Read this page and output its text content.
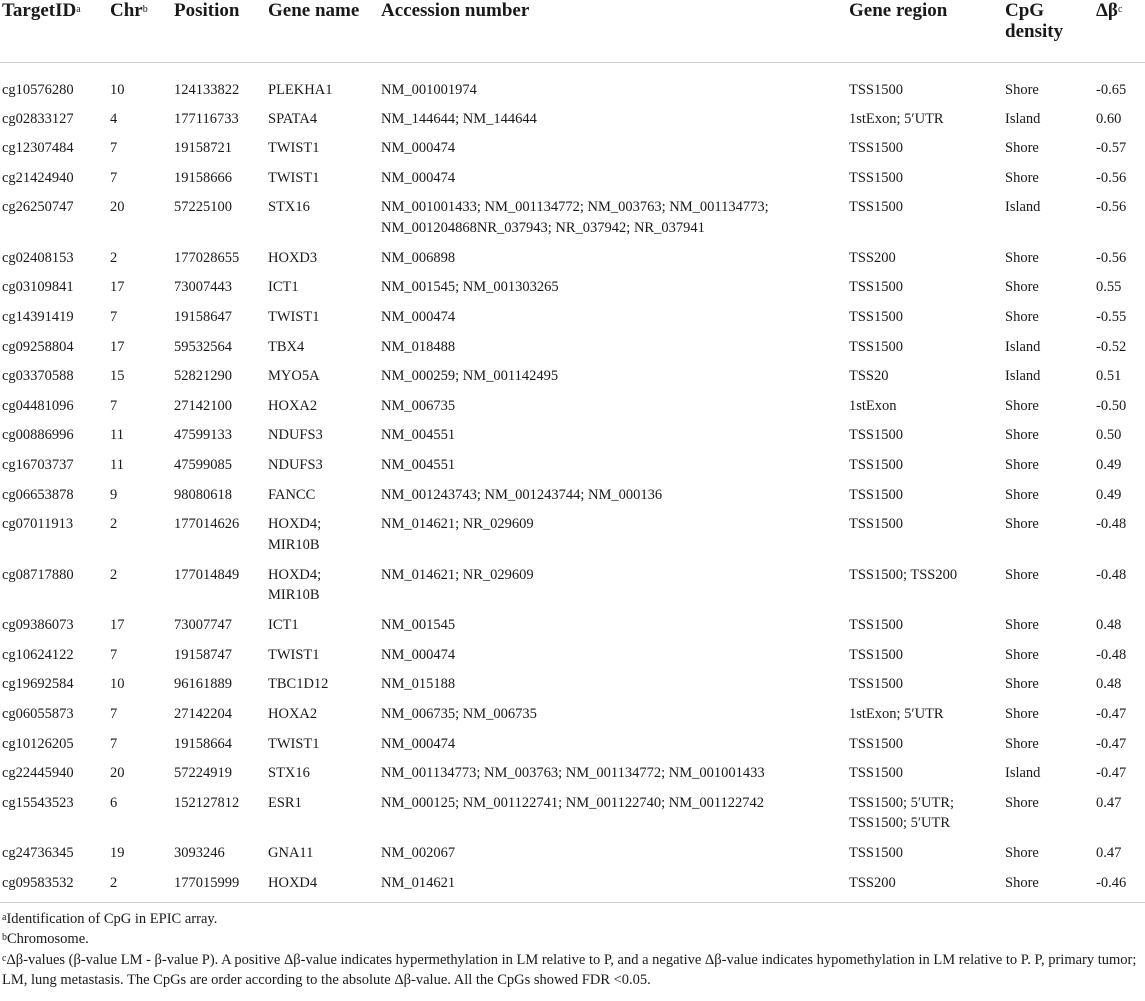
TargetID$^a$	Chr$^b$	Position	Gene name	Accession number	Gene region	CpG density	$\Delta\beta^c$
cg10576280	10	124133822	PLEKHA1	NM_001001974	TSS1500	Shore	-0.65
cg02833127	4	177116733	SPATA4	NM_144644; NM_144644	1stExon; 5′UTR	Island	0.60
cg12307484	7	19158721	TWIST1	NM_000474	TSS1500	Shore	-0.57
cg21424940	7	19158666	TWIST1	NM_000474	TSS1500	Shore	-0.56
cg26250747	20	57225100	STX16	NM_001001433; NM_001134772; NM_003763; NM_001134773;
NM_001204868NR_037943; NR_037942; NR_037941	TSS1500	Island	-0.56
cg02408153	2	177028655	HOXD3	NM_006898	TSS200	Shore	-0.56
cg03109841	17	73007443	ICT1	NM_001545; NM_001303265	TSS1500	Shore	0.55
cg14391419	7	19158647	TWIST1	NM_000474	TSS1500	Shore	-0.55
cg09258804	17	59532564	TBX4	NM_018488	TSS1500	Island	-0.52
cg03370588	15	52821290	MYO5A	NM_000259; NM_001142495	TSS20	Island	0.51
cg04481096	7	27142100	HOXA2	NM_006735	1stExon	Shore	-0.50
cg00886996	11	47599133	NDUFS3	NM_004551	TSS1500	Shore	0.50
cg16703737	11	47599085	NDUFS3	NM_004551	TSS1500	Shore	0.49
cg06653878	9	98080618	FANCC	NM_001243743; NM_001243744; NM_000136	TSS1500	Shore	0.49
cg07011913	2	177014626	HOXD4;
MIR10B	NM_014621; NR_029609	TSS1500	Shore	-0.48
cg08717880	2	177014849	HOXD4;
MIR10B	NM_014621; NR_029609	TSS1500; TSS200	Shore	-0.48
cg09386073	17	73007747	ICT1	NM_001545	TSS1500	Shore	0.48
cg10624122	7	19158747	TWIST1	NM_000474	TSS1500	Shore	-0.48
cg19692584	10	96161889	TBC1D12	NM_015188	TSS1500	Shore	0.48
cg06055873	7	27142204	HOXA2	NM_006735; NM_006735	1stExon; 5′UTR	Shore	-0.47
cg10126205	7	19158664	TWIST1	NM_000474	TSS1500	Shore	-0.47
cg22445940	20	57224919	STX16	NM_001134773; NM_003763; NM_001134772; NM_001001433	TSS1500	Island	-0.47
cg15543523	6	152127812	ESR1	NM_000125; NM_001122741; NM_001122740; NM_001122742	TSS1500; 5′UTR;
TSS1500; 5′UTR	Shore	0.47
cg24736345	19	3093246	GNA11	NM_002067	TSS1500	Shore	0.47
cg09583532	2	177015999	HOXD4	NM_014621	TSS200	Shore	-0.46

$^a$Identification of CpG in EPIC array.

$^b$Chromosome.

$^c$Δβ-values (β-value LM - β-value P). A positive Δβ-value indicates hypermethylation in LM relative to P, and a negative Δβ-value indicates hypomethylation in LM relative to P. P, primary tumor; LM, lung metastasis. The CpGs are order according to the absolute Δβ-value. All the CpGs showed FDR <0.05.
